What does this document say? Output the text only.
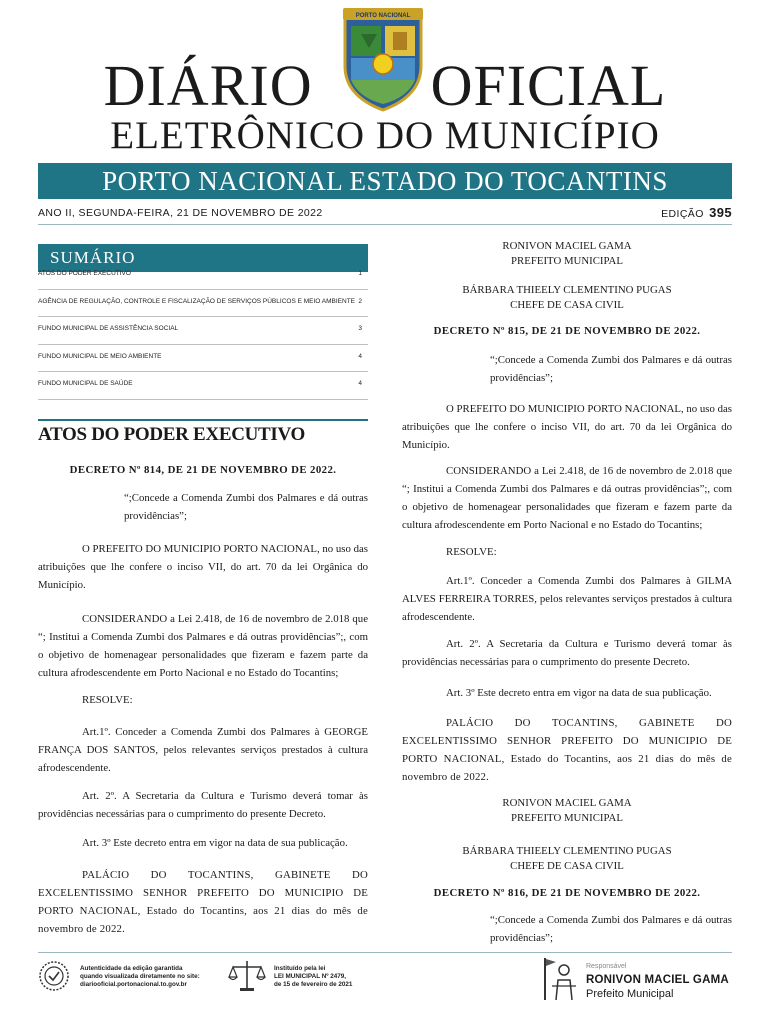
PORTO NACIONAL
DIÁRIO OFICIAL
ELETRÔNICO DO MUNICÍPIO
PORTO NACIONAL ESTADO DO TOCANTINS
ANO II, SEGUNDA-FEIRA, 21 DE NOVEMBRO DE 2022	EDIÇÃO 395
SUMÁRIO
ATOS DO PODER EXECUTIVO	1
AGÊNCIA DE REGULAÇÃO, CONTROLE E FISCALIZAÇÃO DE SERVIÇOS PÚBLICOS E MEIO AMBIENTE 2
FUNDO MUNICIPAL DE ASSISTÊNCIA SOCIAL	3
FUNDO MUNICIPAL DE MEIO AMBIENTE	4
FUNDO MUNICIPAL DE SAÚDE	4
ATOS DO PODER EXECUTIVO
DECRETO Nº 814, DE 21 DE NOVEMBRO DE 2022.
“;Concede a Comenda Zumbi dos Palmares e dá outras providências”;
O PREFEITO DO MUNICIPIO PORTO NACIONAL, no uso das atribuições que lhe confere o inciso VII, do art. 70 da lei Orgânica do Município.
CONSIDERANDO a Lei 2.418, de 16 de novembro de 2.018 que “; Institui a Comenda Zumbi dos Palmares e dá outras providências”;, com o objetivo de homenagear personalidades que fizeram e fazem parte da cultura afrodescendente em Porto Nacional e no Estado do Tocantins;
RESOLVE:
Art.1º. Conceder a Comenda Zumbi dos Palmares à GEORGE FRANÇA DOS SANTOS, pelos relevantes serviços prestados à cultura afrodescendente.
Art. 2º. A Secretaria da Cultura e Turismo deverá tomar às providências necessárias para o cumprimento do presente Decreto.
Art. 3º Este decreto entra em vigor na data de sua publicação.
PALÁCIO DO TOCANTINS, GABINETE DO EXCELENTISSIMO SENHOR PREFEITO DO MUNICIPIO DE PORTO NACIONAL, Estado do Tocantins, aos 21 dias do mês de novembro de 2022.
RONIVON MACIEL GAMA
PREFEITO MUNICIPAL
BÁRBARA THIEELY CLEMENTINO PUGAS
CHEFE DE CASA CIVIL
DECRETO Nº 815, DE 21 DE NOVEMBRO DE 2022.
“;Concede a Comenda Zumbi dos Palmares e dá outras providências”;
O PREFEITO DO MUNICIPIO PORTO NACIONAL, no uso das atribuições que lhe confere o inciso VII, do art. 70 da lei Orgânica do Município.
CONSIDERANDO a Lei 2.418, de 16 de novembro de 2.018 que “; Institui a Comenda Zumbi dos Palmares e dá outras providências”;, com o objetivo de homenagear personalidades que fizeram e fazem parte da cultura afrodescendente em Porto Nacional e no Estado do Tocantins;
RESOLVE:
Art.1º. Conceder a Comenda Zumbi dos Palmares à GILMA ALVES FERREIRA TORRES, pelos relevantes serviços prestados à cultura afrodescendente.
Art. 2º. A Secretaria da Cultura e Turismo deverá tomar às providências necessárias para o cumprimento do presente Decreto.
Art. 3º Este decreto entra em vigor na data de sua publicação.
PALÁCIO DO TOCANTINS, GABINETE DO EXCELENTISSIMO SENHOR PREFEITO DO MUNICIPIO DE PORTO NACIONAL, Estado do Tocantins, aos 21 dias do mês de novembro de 2022.
RONIVON MACIEL GAMA
PREFEITO MUNICIPAL
BÁRBARA THIEELY CLEMENTINO PUGAS
CHEFE DE CASA CIVIL
DECRETO Nº 816, DE 21 DE NOVEMBRO DE 2022.
“;Concede a Comenda Zumbi dos Palmares e dá outras providências”;
Autenticidade da edição garantida
quando visualizada diretamente no site:
diariooficial.portonacional.to.gov.br
Instituído pela lei
LEI MUNICIPAL Nº 2479,
de 15 de fevereiro de 2021
Responsável
RONIVON MACIEL GAMA
Prefeito Municipal
